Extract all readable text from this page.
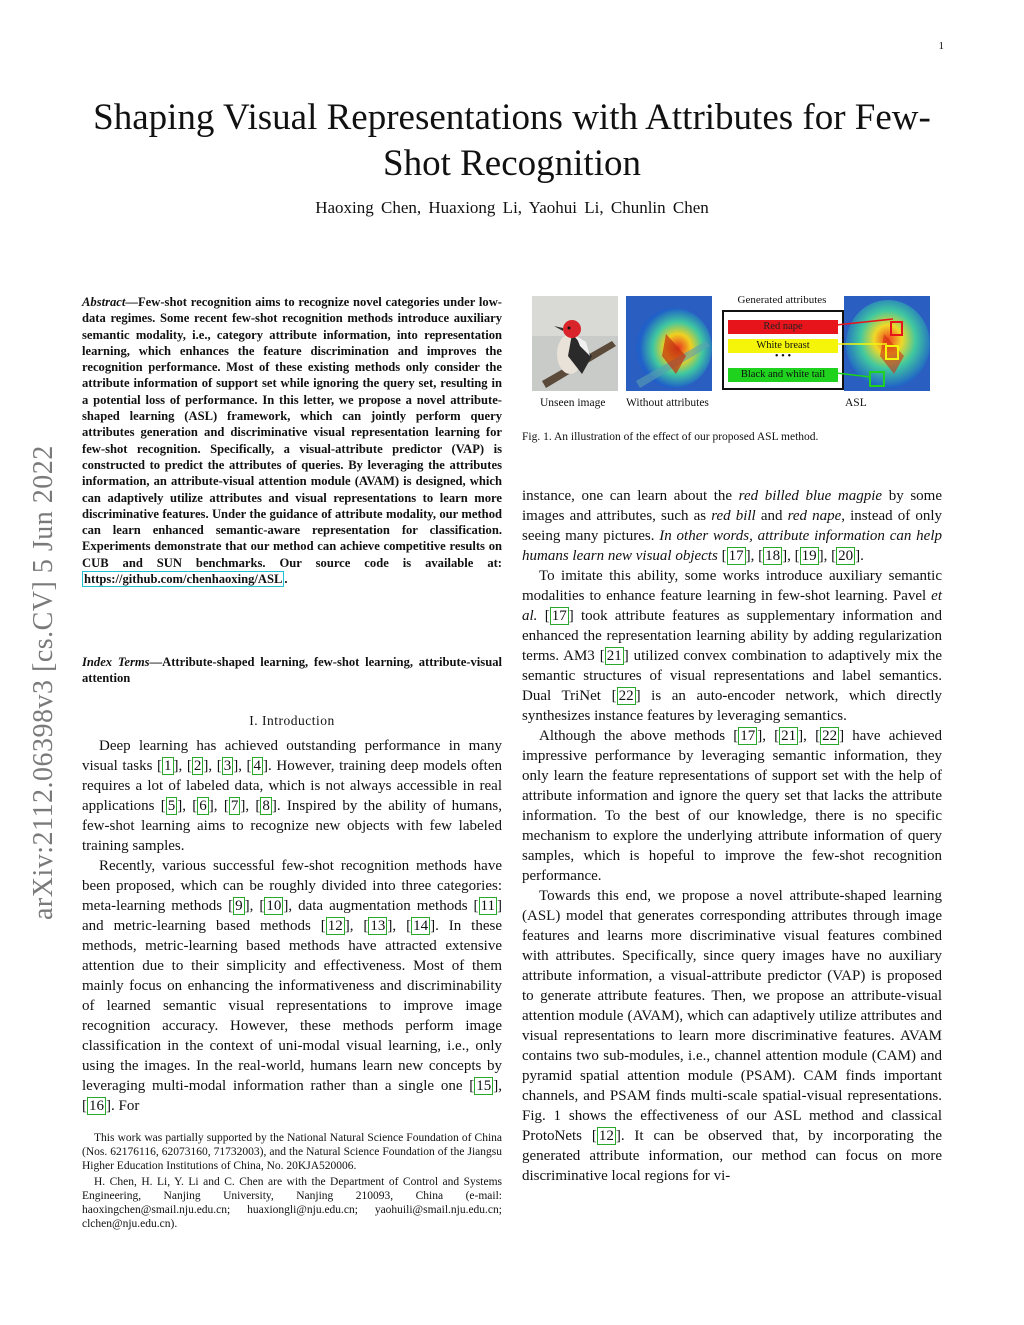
1
arXiv:2112.06398v3 [cs.CV] 5 Jun 2022
Shaping Visual Representations with Attributes for Few-Shot Recognition
Haoxing Chen, Huaxiong Li, Yaohui Li, Chunlin Chen
Abstract—Few-shot recognition aims to recognize novel categories under low-data regimes. Some recent few-shot recognition methods introduce auxiliary semantic modality, i.e., category attribute information, into representation learning, which enhances the feature discrimination and improves the recognition performance. Most of these existing methods only consider the attribute information of support set while ignoring the query set, resulting in a potential loss of performance. In this letter, we propose a novel attribute-shaped learning (ASL) framework, which can jointly perform query attributes generation and discriminative visual representation learning for few-shot recognition. Specifically, a visual-attribute predictor (VAP) is constructed to predict the attributes of queries. By leveraging the attributes information, an attribute-visual attention module (AVAM) is designed, which can adaptively utilize attributes and visual representations to learn more discriminative features. Under the guidance of attribute modality, our method can learn enhanced semantic-aware representation for classification. Experiments demonstrate that our method can achieve competitive results on CUB and SUN benchmarks. Our source code is available at: https://github.com/chenhaoxing/ASL .
Index Terms—Attribute-shaped learning, few-shot learning, attribute-visual attention
I. Introduction

Deep learning has achieved outstanding performance in many visual tasks [ 1 ], [ 2 ], [ 3 ], [ 4 ]. However, training deep models often requires a lot of labeled data, which is not always accessible in real applications [ 5 ], [ 6 ], [ 7 ], [ 8 ]. Inspired by the ability of humans, few-shot learning aims to recognize new objects with few labeled training samples.

Recently, various successful few-shot recognition methods have been proposed, which can be roughly divided into three categories: meta-learning methods [ 9 ], [ 10 ], data augmentation methods [ 11 ] and metric-learning based methods [ 12 ], [ 13 ], [ 14 ]. In these methods, metric-learning based methods have attracted extensive attention due to their simplicity and effectiveness. Most of them mainly focus on enhancing the informativeness and discriminability of learned semantic visual representations to improve image recognition accuracy. However, these methods perform image classification in the context of uni-modal visual learning, i.e., only using the images. In the real-world, humans learn new concepts by leveraging multi-modal information rather than a single one [ 15 ], [ 16 ]. For

This work was partially supported by the National Natural Science Foundation of China (Nos. 62176116, 62073160, 71732003), and the Natural Science Foundation of the Jiangsu Higher Education Institutions of China, No. 20KJA520006.

H. Chen, H. Li, Y. Li and C. Chen are with the Department of Control and Systems Engineering, Nanjing University, Nanjing 210093, China (e-mail: haoxingchen@smail.nju.edu.cn; huaxiongli@nju.edu.cn; yaohuili@smail.nju.edu.cn; clchen@nju.edu.cn).

Generated attributes
Red nape
White breast
• • •
Black and white tail
Unseen image Without attributes	ASL
Fig. 1. An illustration of the effect of our proposed ASL method.

instance, one can learn about the red billed blue magpie by some images and attributes, such as red bill and red nape, instead of only seeing many pictures. In other words, attribute information can help humans learn new visual objects [ 17 ], [ 18 ], [ 19 ], [ 20 ].

To imitate this ability, some works introduce auxiliary semantic modalities to enhance feature learning in few-shot learning. Pavel et al. [ 17 ] took attribute features as supplementary information and enhanced the representation learning ability by adding regularization terms. AM3 [ 21 ] utilized convex combination to adaptively mix the semantic structures of visual representations and label semantics. Dual TriNet [ 22 ] is an auto-encoder network, which directly synthesizes instance features by leveraging semantics.

Although the above methods [ 17 ], [ 21 ], [ 22 ] have achieved impressive performance by leveraging semantic information, they only learn the feature representations of support set with the help of attribute information and ignore the query set that lacks the attribute information. To the best of our knowledge, there is no specific mechanism to explore the underlying attribute information of query samples, which is hopeful to improve the few-shot recognition performance.

Towards this end, we propose a novel attribute-shaped learning (ASL) model that generates corresponding attributes through image features and learns more discriminative visual features combined with attributes. Specifically, since query images have no auxiliary attribute information, a visual-attribute predictor (VAP) is proposed to generate attribute features. Then, we propose an attribute-visual attention module (AVAM), which can adaptively utilize attributes and visual representations to learn more discriminative features. AVAM contains two sub-modules, i.e., channel attention module (CAM) and pyramid spatial attention module (PSAM). CAM finds important channels, and PSAM finds multi-scale spatial-visual representations. Fig. 1 shows the effectiveness of our ASL method and classical ProtoNets [ 12 ]. It can be observed that, by incorporating the generated attribute information, our method can focus on more discriminative local regions for vi-
